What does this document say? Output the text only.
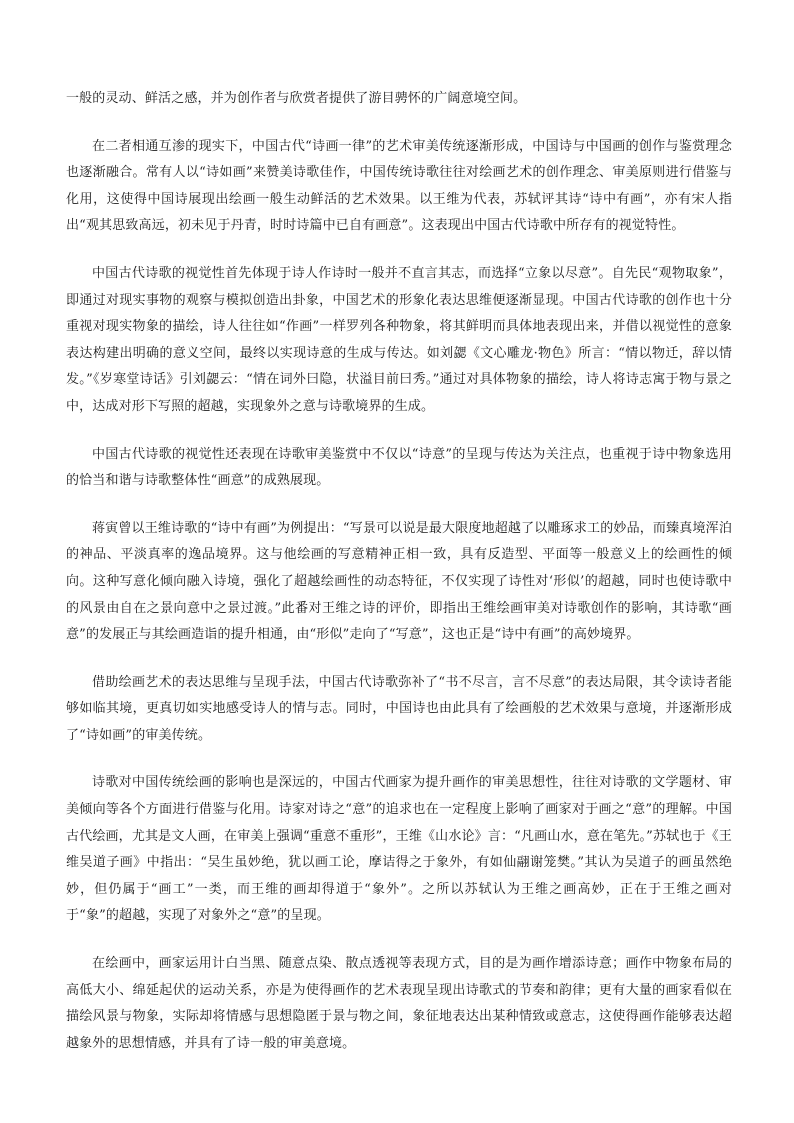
一般的灵动、鲜活之感，并为创作者与欣赏者提供了游目骋怀的广阔意境空间。

在二者相通互渗的现实下，中国古代“诗画一律”的艺术审美传统逐渐形成，中国诗与中国画的创作与鉴赏理念也逐渐融合。常有人以“诗如画”来赞美诗歌佳作，中国传统诗歌往往对绘画艺术的创作理念、审美原则进行借鉴与化用，这使得中国诗展现出绘画一般生动鲜活的艺术效果。以王维为代表，苏轼评其诗“诗中有画”，亦有宋人指出“观其思致高远，初未见于丹青，时时诗篇中已自有画意”。这表现出中国古代诗歌中所存有的视觉特性。

中国古代诗歌的视觉性首先体现于诗人作诗时一般并不直言其志，而选择“立象以尽意”。自先民“观物取象”，即通过对现实事物的观察与模拟创造出卦象，中国艺术的形象化表达思维便逐渐显现。中国古代诗歌的创作也十分重视对现实物象的描绘，诗人往往如“作画”一样罗列各种物象，将其鲜明而具体地表现出来，并借以视觉性的意象表达构建出明确的意义空间，最终以实现诗意的生成与传达。如刘勰《文心雕龙·物色》所言：“情以物迁，辞以情发。”《岁寒堂诗话》引刘勰云：“情在词外曰隐，状溢目前曰秀。”通过对具体物象的描绘，诗人将诗志寓于物与景之中，达成对形下写照的超越，实现象外之意与诗歌境界的生成。

中国古代诗歌的视觉性还表现在诗歌审美鉴赏中不仅以“诗意”的呈现与传达为关注点，也重视于诗中物象选用的恰当和谐与诗歌整体性“画意”的成熟展现。

蒋寅曾以王维诗歌的“诗中有画”为例提出：“写景可以说是最大限度地超越了以雕琢求工的妙品，而臻真境浑泊的神品、平淡真率的逸品境界。这与他绘画的写意精神正相一致，具有反造型、平面等一般意义上的绘画性的倾向。这种写意化倾向融入诗境，强化了超越绘画性的动态特征，不仅实现了诗性对‘形似’的超越，同时也使诗歌中的风景由自在之景向意中之景过渡。”此番对王维之诗的评价，即指出王维绘画审美对诗歌创作的影响，其诗歌“画意”的发展正与其绘画造诣的提升相通，由“形似”走向了“写意”，这也正是“诗中有画”的高妙境界。

借助绘画艺术的表达思维与呈现手法，中国古代诗歌弥补了“书不尽言，言不尽意”的表达局限，其令读诗者能够如临其境，更真切如实地感受诗人的情与志。同时，中国诗也由此具有了绘画般的艺术效果与意境，并逐渐形成了“诗如画”的审美传统。

诗歌对中国传统绘画的影响也是深远的，中国古代画家为提升画作的审美思想性，往往对诗歌的文学题材、审美倾向等各个方面进行借鉴与化用。诗家对诗之“意”的追求也在一定程度上影响了画家对于画之“意”的理解。中国古代绘画，尤其是文人画，在审美上强调“重意不重形”，王维《山水论》言：“凡画山水，意在笔先。”苏轼也于《王维吴道子画》中指出：“吴生虽妙绝，犹以画工论，摩诘得之于象外，有如仙翮谢笼樊。”其认为吴道子的画虽然绝妙，但仍属于“画工”一类，而王维的画却得道于“象外”。之所以苏轼认为王维之画高妙，正在于王维之画对于“象”的超越，实现了对象外之“意”的呈现。

在绘画中，画家运用计白当黑、随意点染、散点透视等表现方式，目的是为画作增添诗意；画作中物象布局的高低大小、绵延起伏的运动关系，亦是为使得画作的艺术表现呈现出诗歌式的节奏和韵律；更有大量的画家看似在描绘风景与物象，实际却将情感与思想隐匿于景与物之间，象征地表达出某种情致或意志，这使得画作能够表达超越象外的思想情感，并具有了诗一般的审美意境。
